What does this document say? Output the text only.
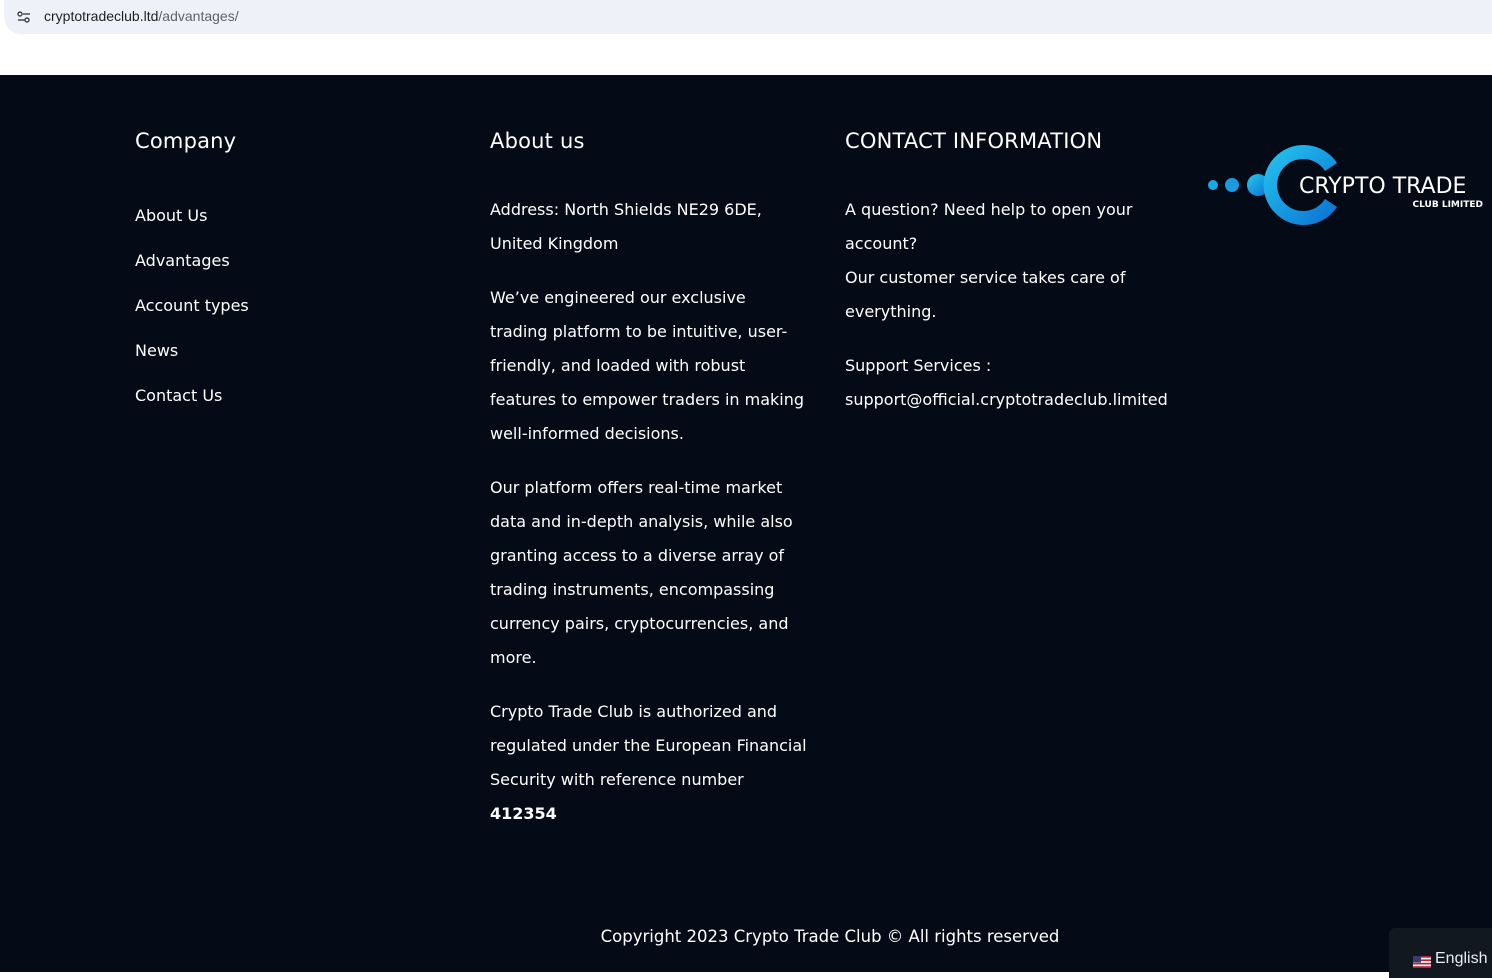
cryptotradeclub.ltd/advantages/
Company
About Us
Advantages
Account types
News
Contact Us
About us
Address: North Shields NE29 6DE, United Kingdom
We’ve engineered our exclusive trading platform to be intuitive, user-friendly, and loaded with robust features to empower traders in making well-informed decisions.
Our platform offers real-time market data and in-depth analysis, while also granting access to a diverse array of trading instruments, encompassing currency pairs, cryptocurrencies, and more.
Crypto Trade Club is authorized and regulated under the European Financial Security with reference number 412354
CONTACT INFORMATION
A question? Need help to open your account?
Our customer service takes care of everything.
Support Services :
support@official.cryptotradeclub.limited
CRYPTO TRADE
CLUB LIMITED
Copyright 2023 Crypto Trade Club © All rights reserved
English
